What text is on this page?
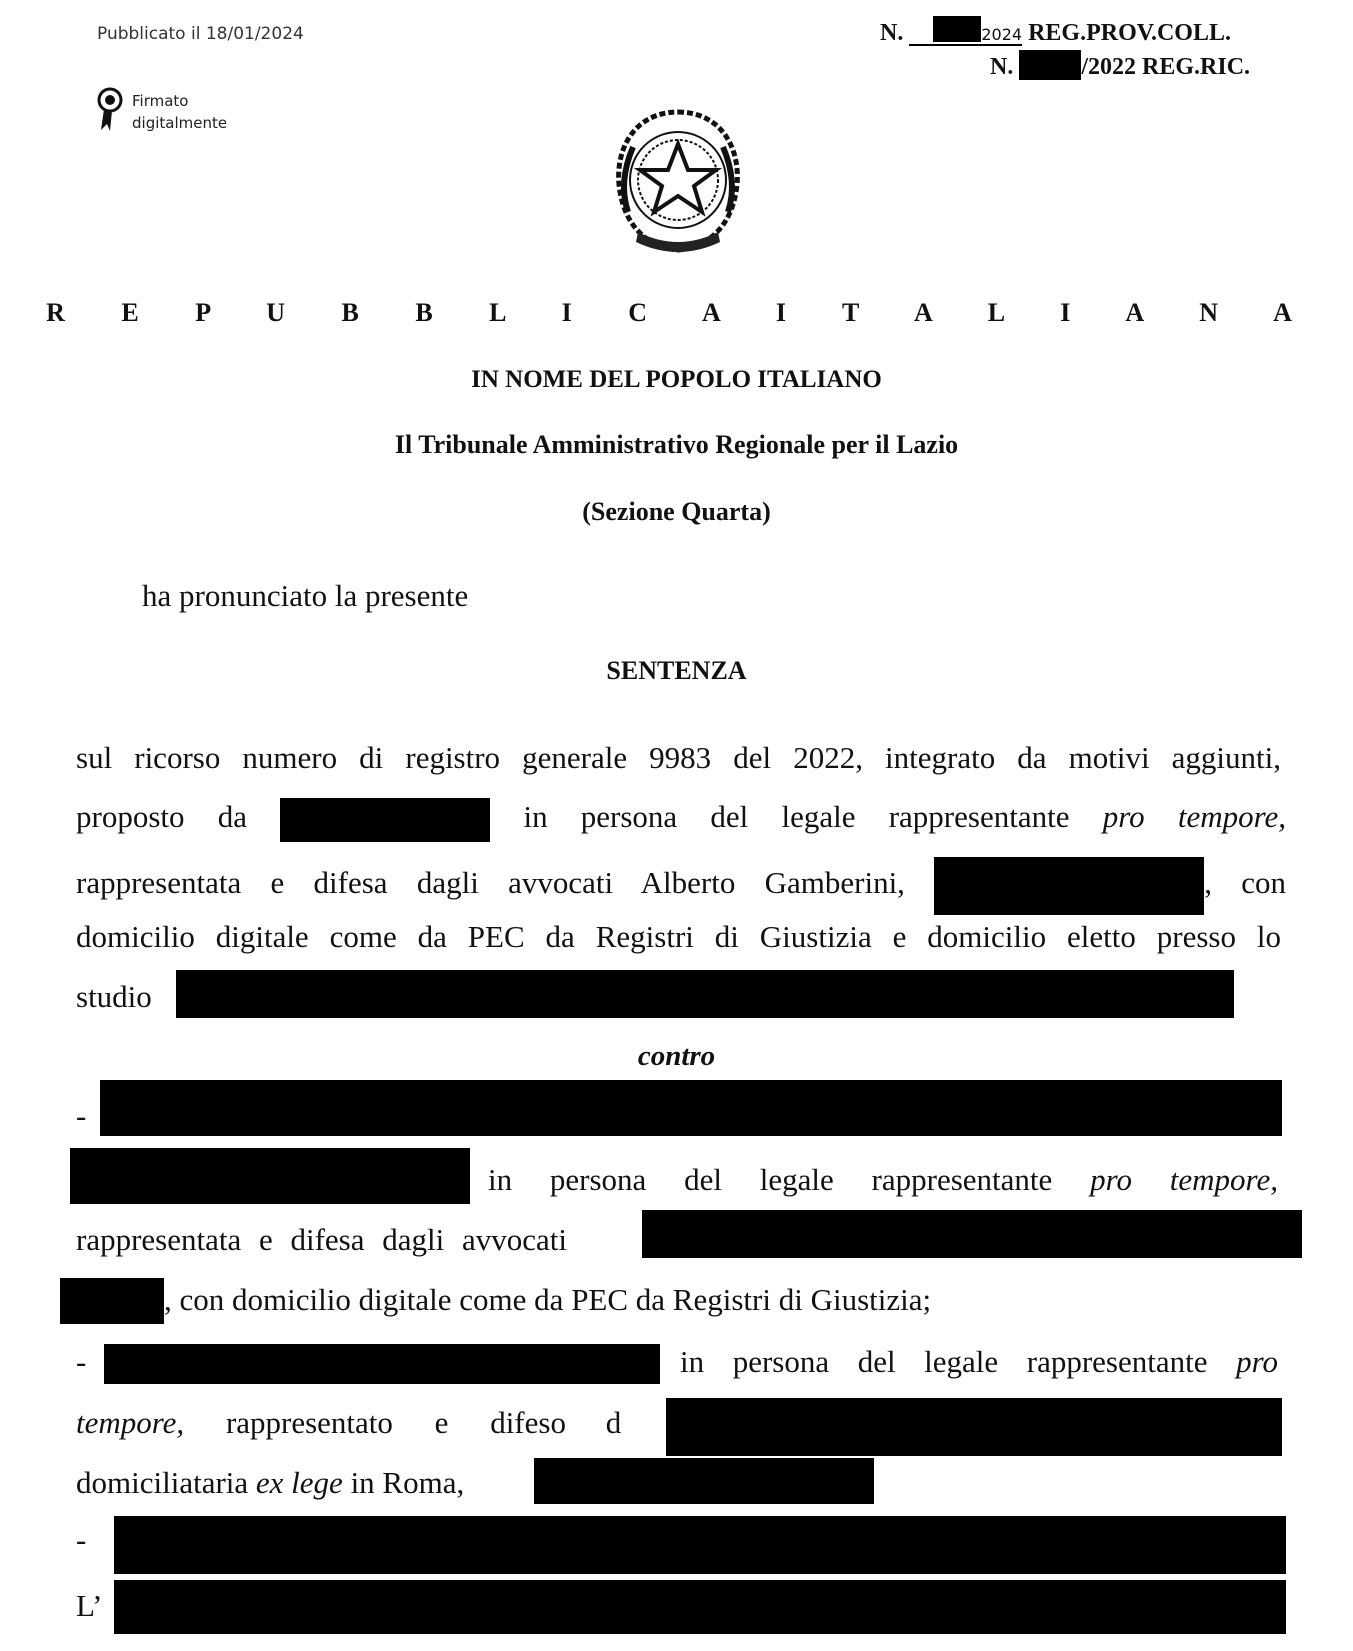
Pubblicato il 18/01/2024
Firmato
digitalmente
N.	2024 REG.PROV.COLL.
N.	/2022 REG.RIC.
R E P U B B L I C A I T A L I A N A
IN NOME DEL POPOLO ITALIANO
Il Tribunale Amministrativo Regionale per il Lazio
(Sezione Quarta)
ha pronunciato la presente
SENTENZA
sul ricorso numero di registro generale 9983 del 2022, integrato da motivi aggiunti,
proposto da	in persona del legale rappresentante pro tempore,
rappresentata e difesa dagli avvocati Alberto Gamberini,	, con
domicilio digitale come da PEC da Registri di Giustizia e domicilio eletto presso lo
studio
contro
-
in persona del legale rappresentante pro tempore,
rappresentata e difesa dagli avvocati
, con domicilio digitale come da PEC da Registri di Giustizia;
-	in persona del legale rappresentante pro
tempore, rappresentato e difeso d
domiciliataria ex lege in Roma,
-
L’
